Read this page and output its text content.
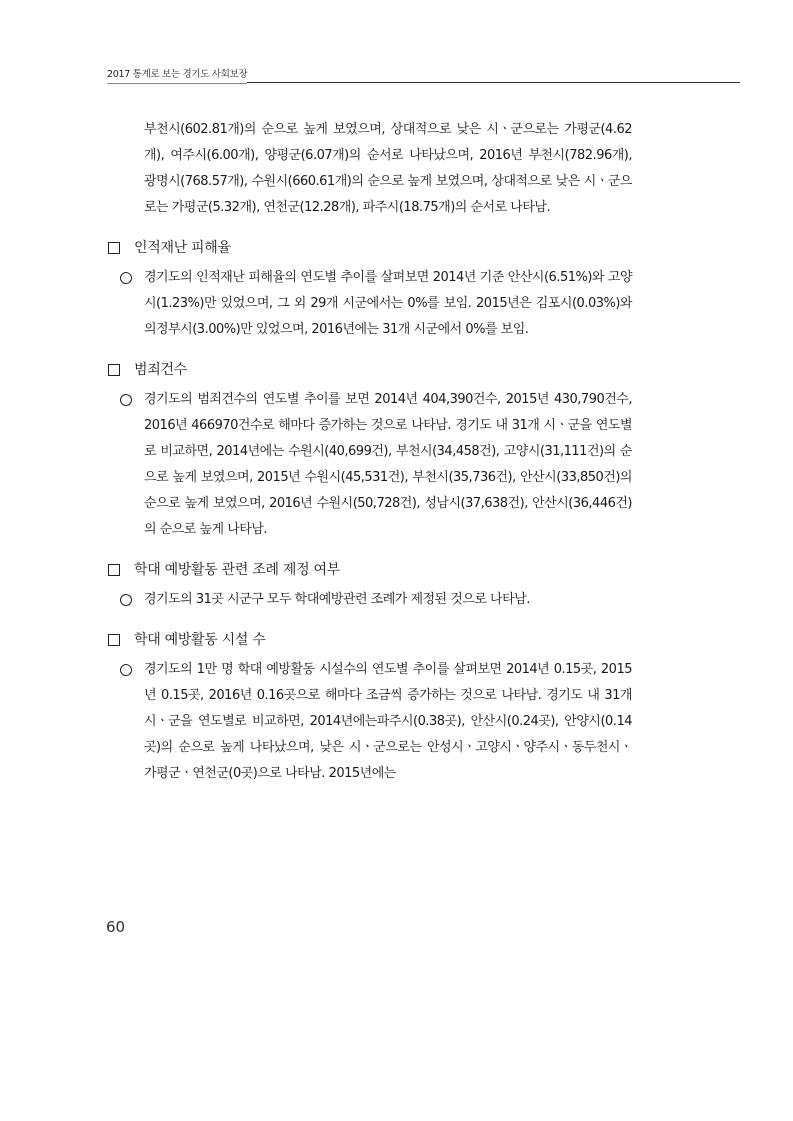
2017 통계로 보는 경기도 사회보장
부천시(602.81개)의 순으로 높게 보였으며, 상대적으로 낮은 시ㆍ군으로는 가평군(4.62개), 여주시(6.00개), 양평군(6.07개)의 순서로 나타났으며, 2016년 부천시(782.96개), 광명시(768.57개), 수원시(660.61개)의 순으로 높게 보였으며, 상대적으로 낮은 시ㆍ군으로는 가평군(5.32개), 연천군(12.28개), 파주시(18.75개)의 순서로 나타남.
인적재난 피해율
경기도의 인적재난 피해율의 연도별 추이를 살펴보면 2014년 기준 안산시(6.51%)와 고양시(1.23%)만 있었으며, 그 외 29개 시군에서는 0%를 보임. 2015년은 김포시(0.03%)와 의정부시(3.00%)만 있었으며, 2016년에는 31개 시군에서 0%를 보임.
범죄건수
경기도의 범죄건수의 연도별 추이를 보면 2014년 404,390건수, 2015년 430,790건수, 2016년 466970건수로 해마다 증가하는 것으로 나타남. 경기도 내 31개 시ㆍ군을 연도별로 비교하면, 2014년에는 수원시(40,699건), 부천시(34,458건), 고양시(31,111건)의 순으로 높게 보였으며, 2015년 수원시(45,531건), 부천시(35,736건), 안산시(33,850건)의 순으로 높게 보였으며, 2016년 수원시(50,728건), 성남시(37,638건), 안산시(36,446건)의 순으로 높게 나타남.
학대 예방활동 관련 조례 제정 여부
경기도의 31곳 시군구 모두 학대예방관련 조례가 제정된 것으로 나타남.
학대 예방활동 시설 수
경기도의 1만 명 학대 예방활동 시설수의 연도별 추이를 살펴보면 2014년 0.15곳, 2015년 0.15곳, 2016년 0.16곳으로 해마다 조금씩 증가하는 것으로 나타남. 경기도 내 31개 시ㆍ군을 연도별로 비교하면, 2014년에는파주시(0.38곳), 안산시(0.24곳), 안양시(0.14곳)의 순으로 높게 나타났으며, 낮은 시ㆍ군으로는 안성시ㆍ고양시ㆍ양주시ㆍ동두천시ㆍ가평군ㆍ연천군(0곳)으로 나타남. 2015년에는
60
